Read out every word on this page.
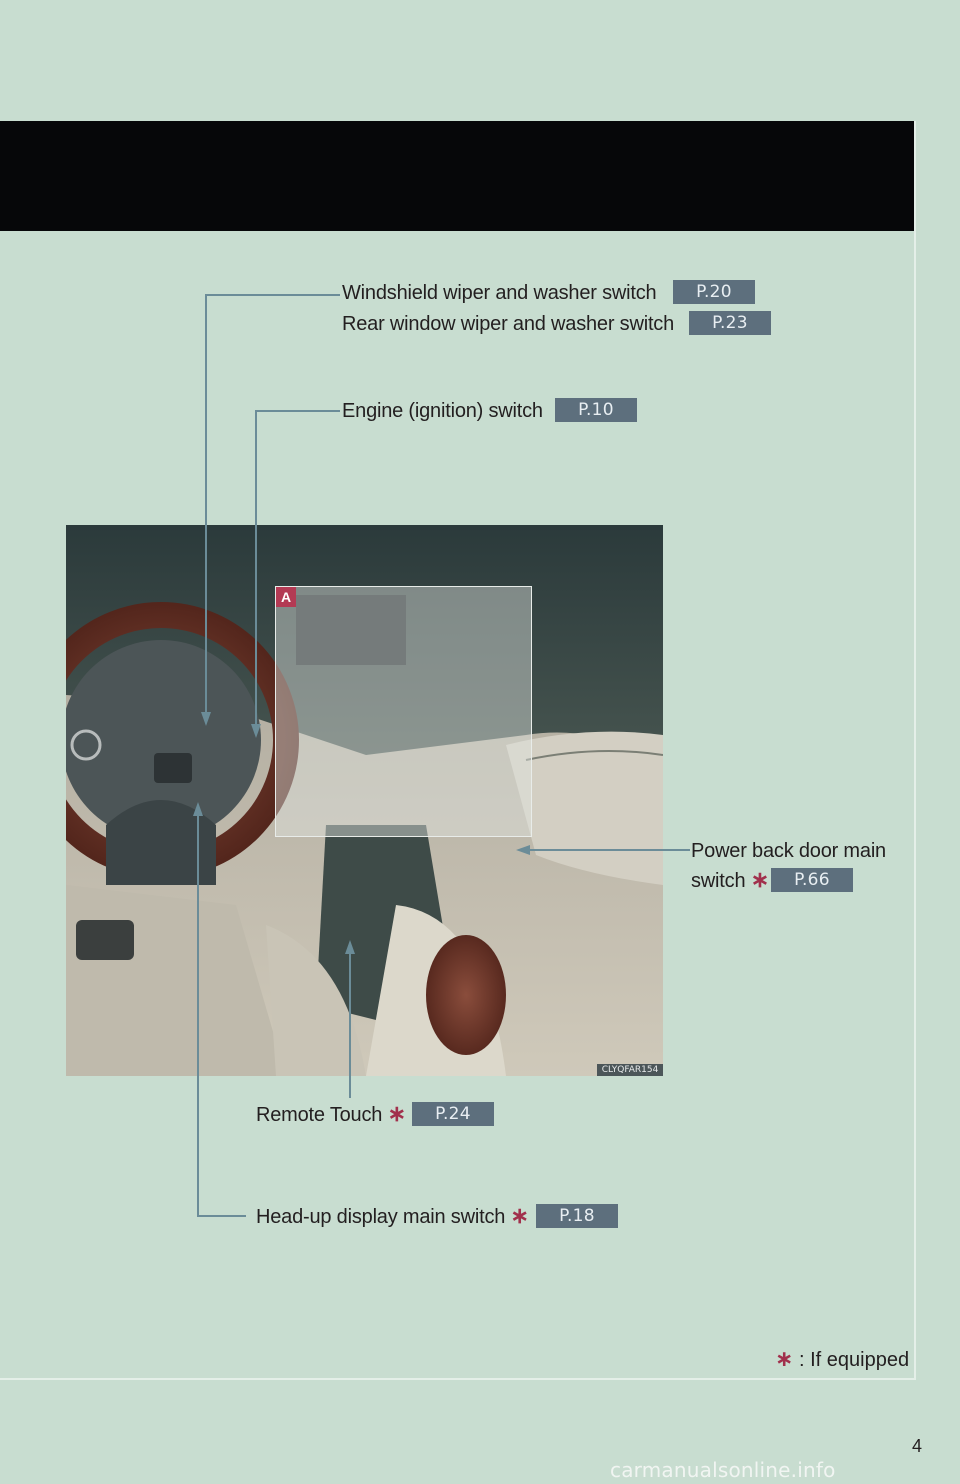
A
CLYQFAR154
Windshield wiper and washer switch	P.20
Rear window wiper and washer switch	P.23
Engine (ignition) switch	P.10
Power back door main
switch ∗	P.66
Remote Touch ∗	P.24
Head-up display main switch ∗	P.18
∗ : If equipped
4
carmanualsonline.info
